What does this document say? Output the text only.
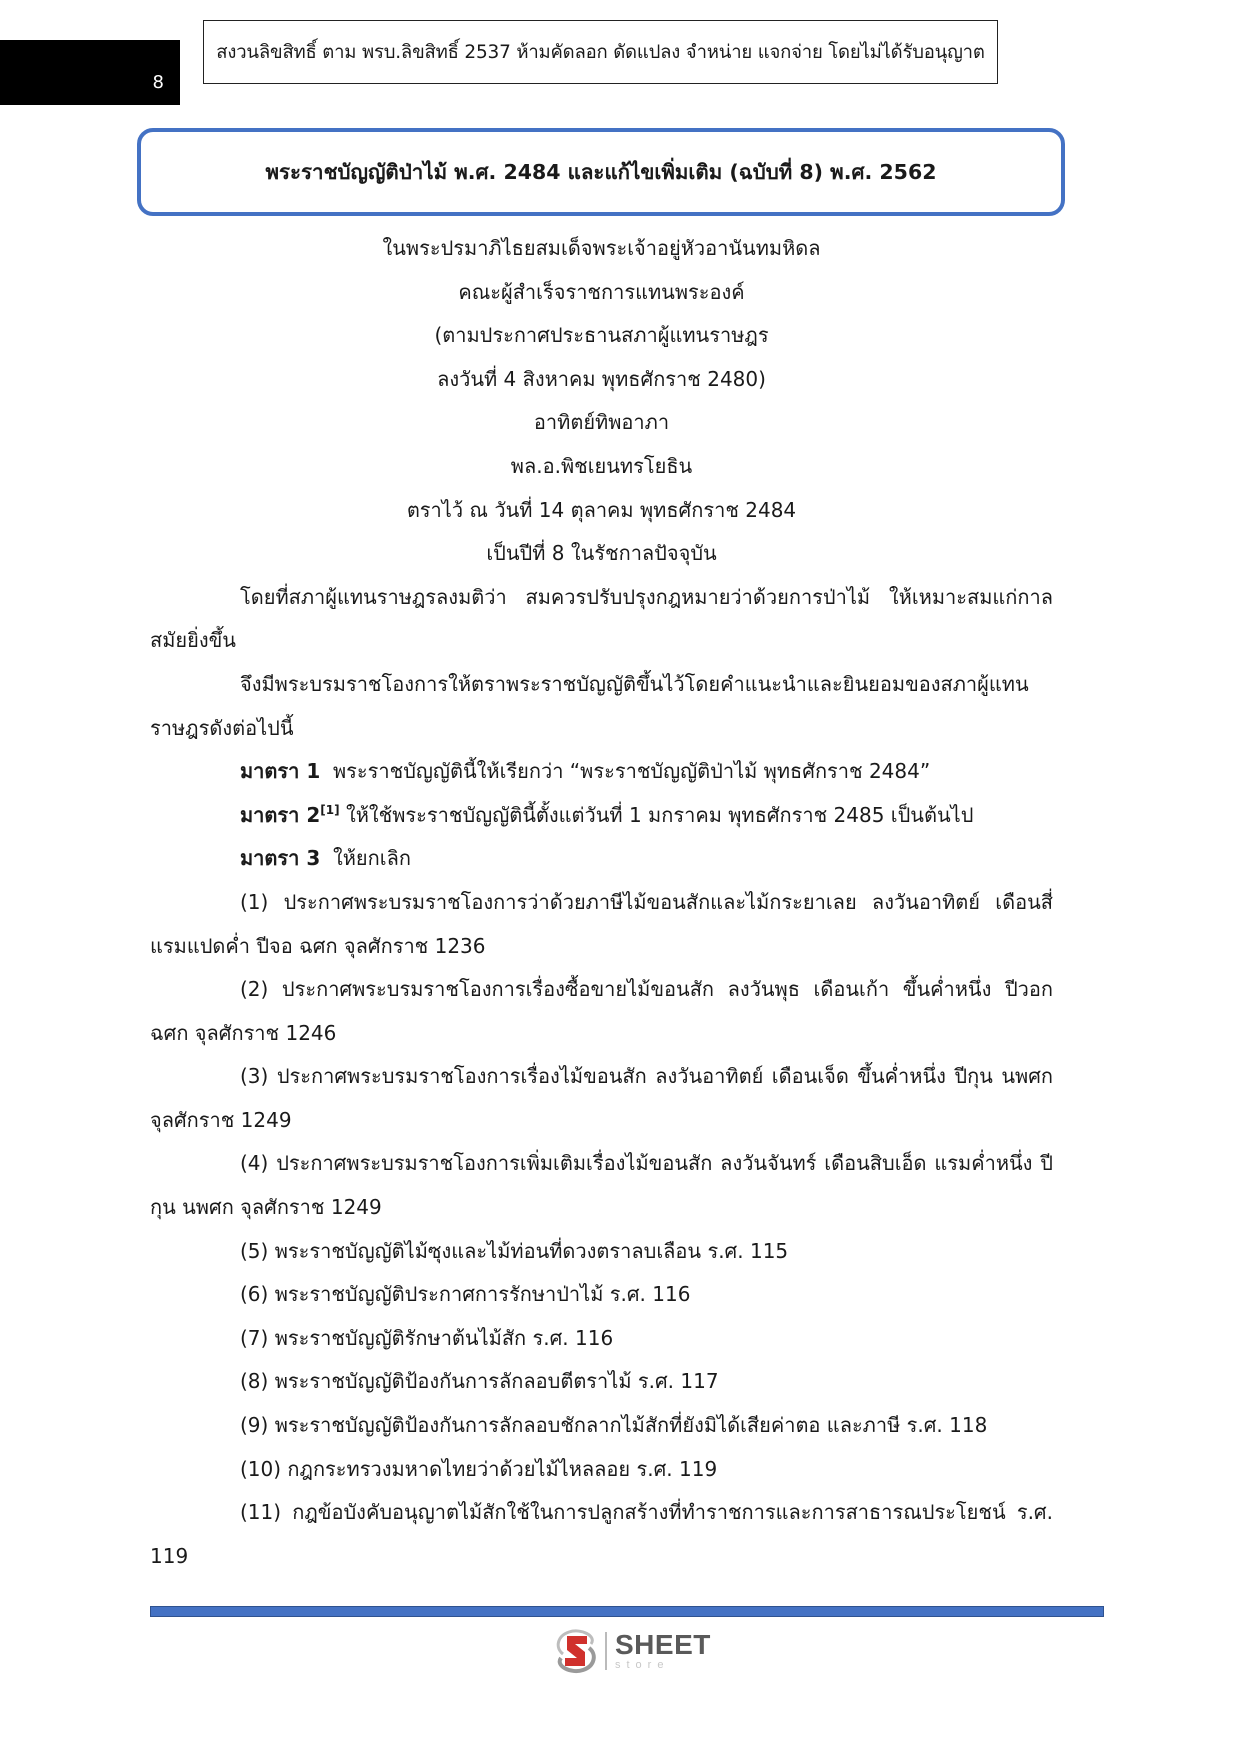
8
สงวนลิขสิทธิ์ ตาม พรบ.ลิขสิทธิ์ 2537 ห้ามคัดลอก ดัดแปลง จำหน่าย แจกจ่าย โดยไม่ได้รับอนุญาต
พระราชบัญญัติป่าไม้ พ.ศ. 2484 และแก้ไขเพิ่มเติม (ฉบับที่ 8) พ.ศ. 2562
ในพระปรมาภิไธยสมเด็จพระเจ้าอยู่หัวอานันทมหิดล
คณะผู้สำเร็จราชการแทนพระองค์
(ตามประกาศประธานสภาผู้แทนราษฎร
ลงวันที่ 4 สิงหาคม พุทธศักราช 2480)
อาทิตย์ทิพอาภา
พล.อ.พิชเยนทรโยธิน
ตราไว้ ณ วันที่ 14 ตุลาคม พุทธศักราช 2484
เป็นปีที่ 8 ในรัชกาลปัจจุบัน
โดยที่สภาผู้แทนราษฎรลงมติว่า สมควรปรับปรุงกฎหมายว่าด้วยการป่าไม้ ให้เหมาะสมแก่กาลสมัยยิ่งขึ้น
จึงมีพระบรมราชโองการให้ตราพระราชบัญญัติขึ้นไว้โดยคำแนะนำและยินยอมของสภาผู้แทนราษฎรดังต่อไปนี้
มาตรา 1 พระราชบัญญัตินี้ให้เรียกว่า “พระราชบัญญัติป่าไม้ พุทธศักราช 2484”
มาตรา 2[1] ให้ใช้พระราชบัญญัตินี้ตั้งแต่วันที่ 1 มกราคม พุทธศักราช 2485 เป็นต้นไป
มาตรา 3 ให้ยกเลิก
(1) ประกาศพระบรมราชโองการว่าด้วยภาษีไม้ขอนสักและไม้กระยาเลย ลงวันอาทิตย์ เดือนสี่ แรมแปดค่ำ ปีจอ ฉศก จุลศักราช 1236
(2) ประกาศพระบรมราชโองการเรื่องซื้อขายไม้ขอนสัก ลงวันพุธ เดือนเก้า ขึ้นค่ำหนึ่ง ปีวอก ฉศก จุลศักราช 1246
(3) ประกาศพระบรมราชโองการเรื่องไม้ขอนสัก ลงวันอาทิตย์ เดือนเจ็ด ขึ้นค่ำหนึ่ง ปีกุน นพศก จุลศักราช 1249
(4) ประกาศพระบรมราชโองการเพิ่มเติมเรื่องไม้ขอนสัก ลงวันจันทร์ เดือนสิบเอ็ด แรมค่ำหนึ่ง ปีกุน นพศก จุลศักราช 1249
(5) พระราชบัญญัติไม้ซุงและไม้ท่อนที่ดวงตราลบเลือน ร.ศ. 115
(6) พระราชบัญญัติประกาศการรักษาป่าไม้ ร.ศ. 116
(7) พระราชบัญญัติรักษาต้นไม้สัก ร.ศ. 116
(8) พระราชบัญญัติป้องกันการลักลอบตีตราไม้ ร.ศ. 117
(9) พระราชบัญญัติป้องกันการลักลอบชักลากไม้สักที่ยังมิได้เสียค่าตอ และภาษี ร.ศ. 118
(10) กฎกระทรวงมหาดไทยว่าด้วยไม้ไหลลอย ร.ศ. 119
(11) กฎข้อบังคับอนุญาตไม้สักใช้ในการปลูกสร้างที่ทำราชการและการสาธารณประโยชน์ ร.ศ. 119
SHEET
store
